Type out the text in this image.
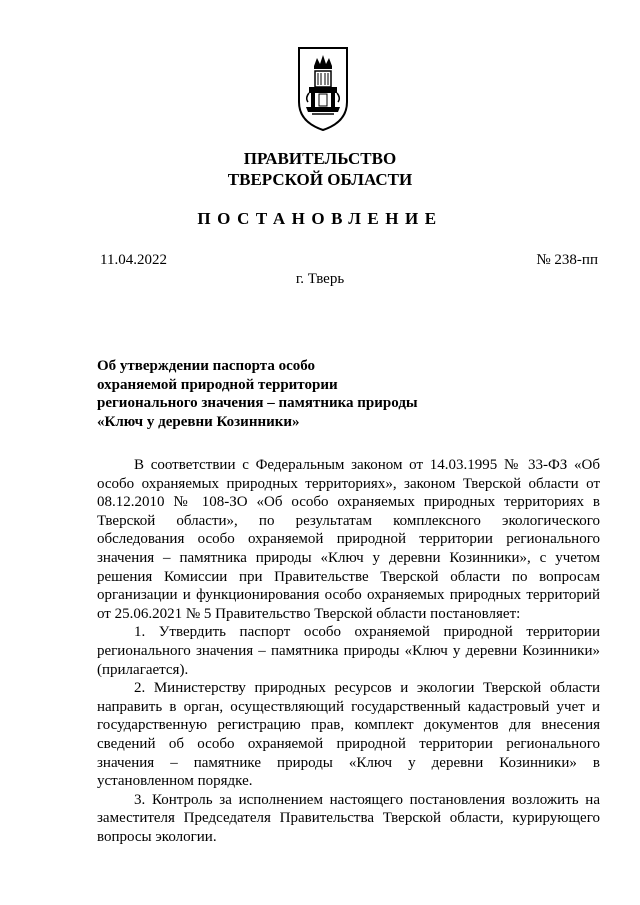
ПРАВИТЕЛЬСТВО
ТВЕРСКОЙ ОБЛАСТИ
ПОСТАНОВЛЕНИЕ
11.04.2022	№ 238-пп
г. Тверь
Об утверждении паспорта особо
охраняемой природной территории
регионального значения – памятника природы
«Ключ у деревни Козинники»

В соответствии с Федеральным законом от 14.03.1995 № 33-ФЗ «Об особо охраняемых природных территориях», законом Тверской области от 08.12.2010 № 108-ЗО «Об особо охраняемых природных территориях в Тверской области», по результатам комплексного экологического обследования особо охраняемой природной территории регионального значения – памятника природы «Ключ у деревни Козинники», с учетом решения Комиссии при Правительстве Тверской области по вопросам организации и функционирования особо охраняемых природных территорий от 25.06.2021 № 5 Правительство Тверской области постановляет:

1. Утвердить паспорт особо охраняемой природной территории регионального значения – памятника природы «Ключ у деревни Козинники» (прилагается).

2. Министерству природных ресурсов и экологии Тверской области направить в орган, осуществляющий государственный кадастровый учет и государственную регистрацию прав, комплект документов для внесения сведений об особо охраняемой природной территории регионального значения – памятнике природы «Ключ у деревни Козинники» в установленном порядке.

3. Контроль за исполнением настоящего постановления возложить на заместителя Председателя Правительства Тверской области, курирующего вопросы экологии.
